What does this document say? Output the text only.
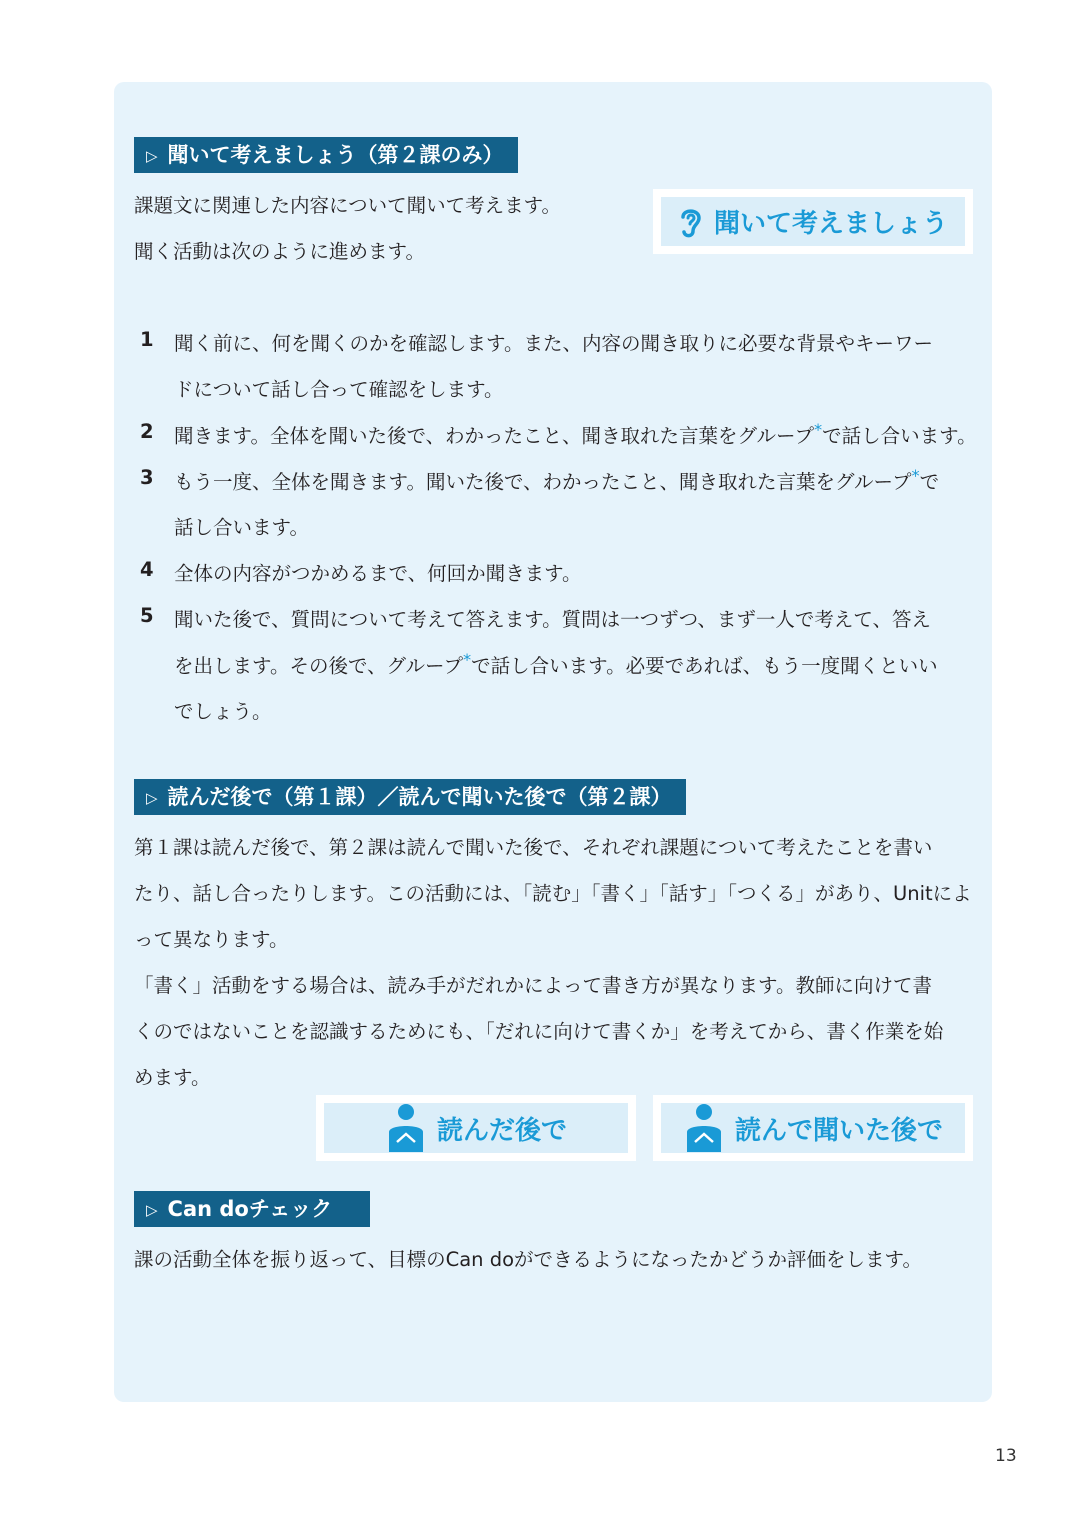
▷ 聞いて考えましょう（第２課のみ）
課題文に関連した内容について聞いて考えます。
聞く活動は次のように進めます。
聞いて考えましょう
1 聞く前に、何を聞くのかを確認します。また、内容の聞き取りに必要な背景やキーワー
ドについて話し合って確認をします。
2 聞きます。全体を聞いた後で、わかったこと、聞き取れた言葉をグループ*で話し合います。
3 もう一度、全体を聞きます。聞いた後で、わかったこと、聞き取れた言葉をグループ*で
話し合います。
4 全体の内容がつかめるまで、何回か聞きます。
5 聞いた後で、質問について考えて答えます。質問は一つずつ、まず一人で考えて、答え
を出します。その後で、グループ*で話し合います。必要であれば、もう一度聞くといい
でしょう。
▷ 読んだ後で（第１課）／読んで聞いた後で（第２課）
第１課は読んだ後で、第２課は読んで聞いた後で、それぞれ課題について考えたことを書い
たり、話し合ったりします。この活動には、「読む」「書く」「話す」「つくる」があり、Unitによ
って異なります。
「書く」活動をする場合は、読み手がだれかによって書き方が異なります。教師に向けて書
くのではないことを認識するためにも、「だれに向けて書くか」を考えてから、書く作業を始
めます。
読んだ後で	読んで聞いた後で
▷ Can doチェック
課の活動全体を振り返って、目標のCan doができるようになったかどうか評価をします。
13
